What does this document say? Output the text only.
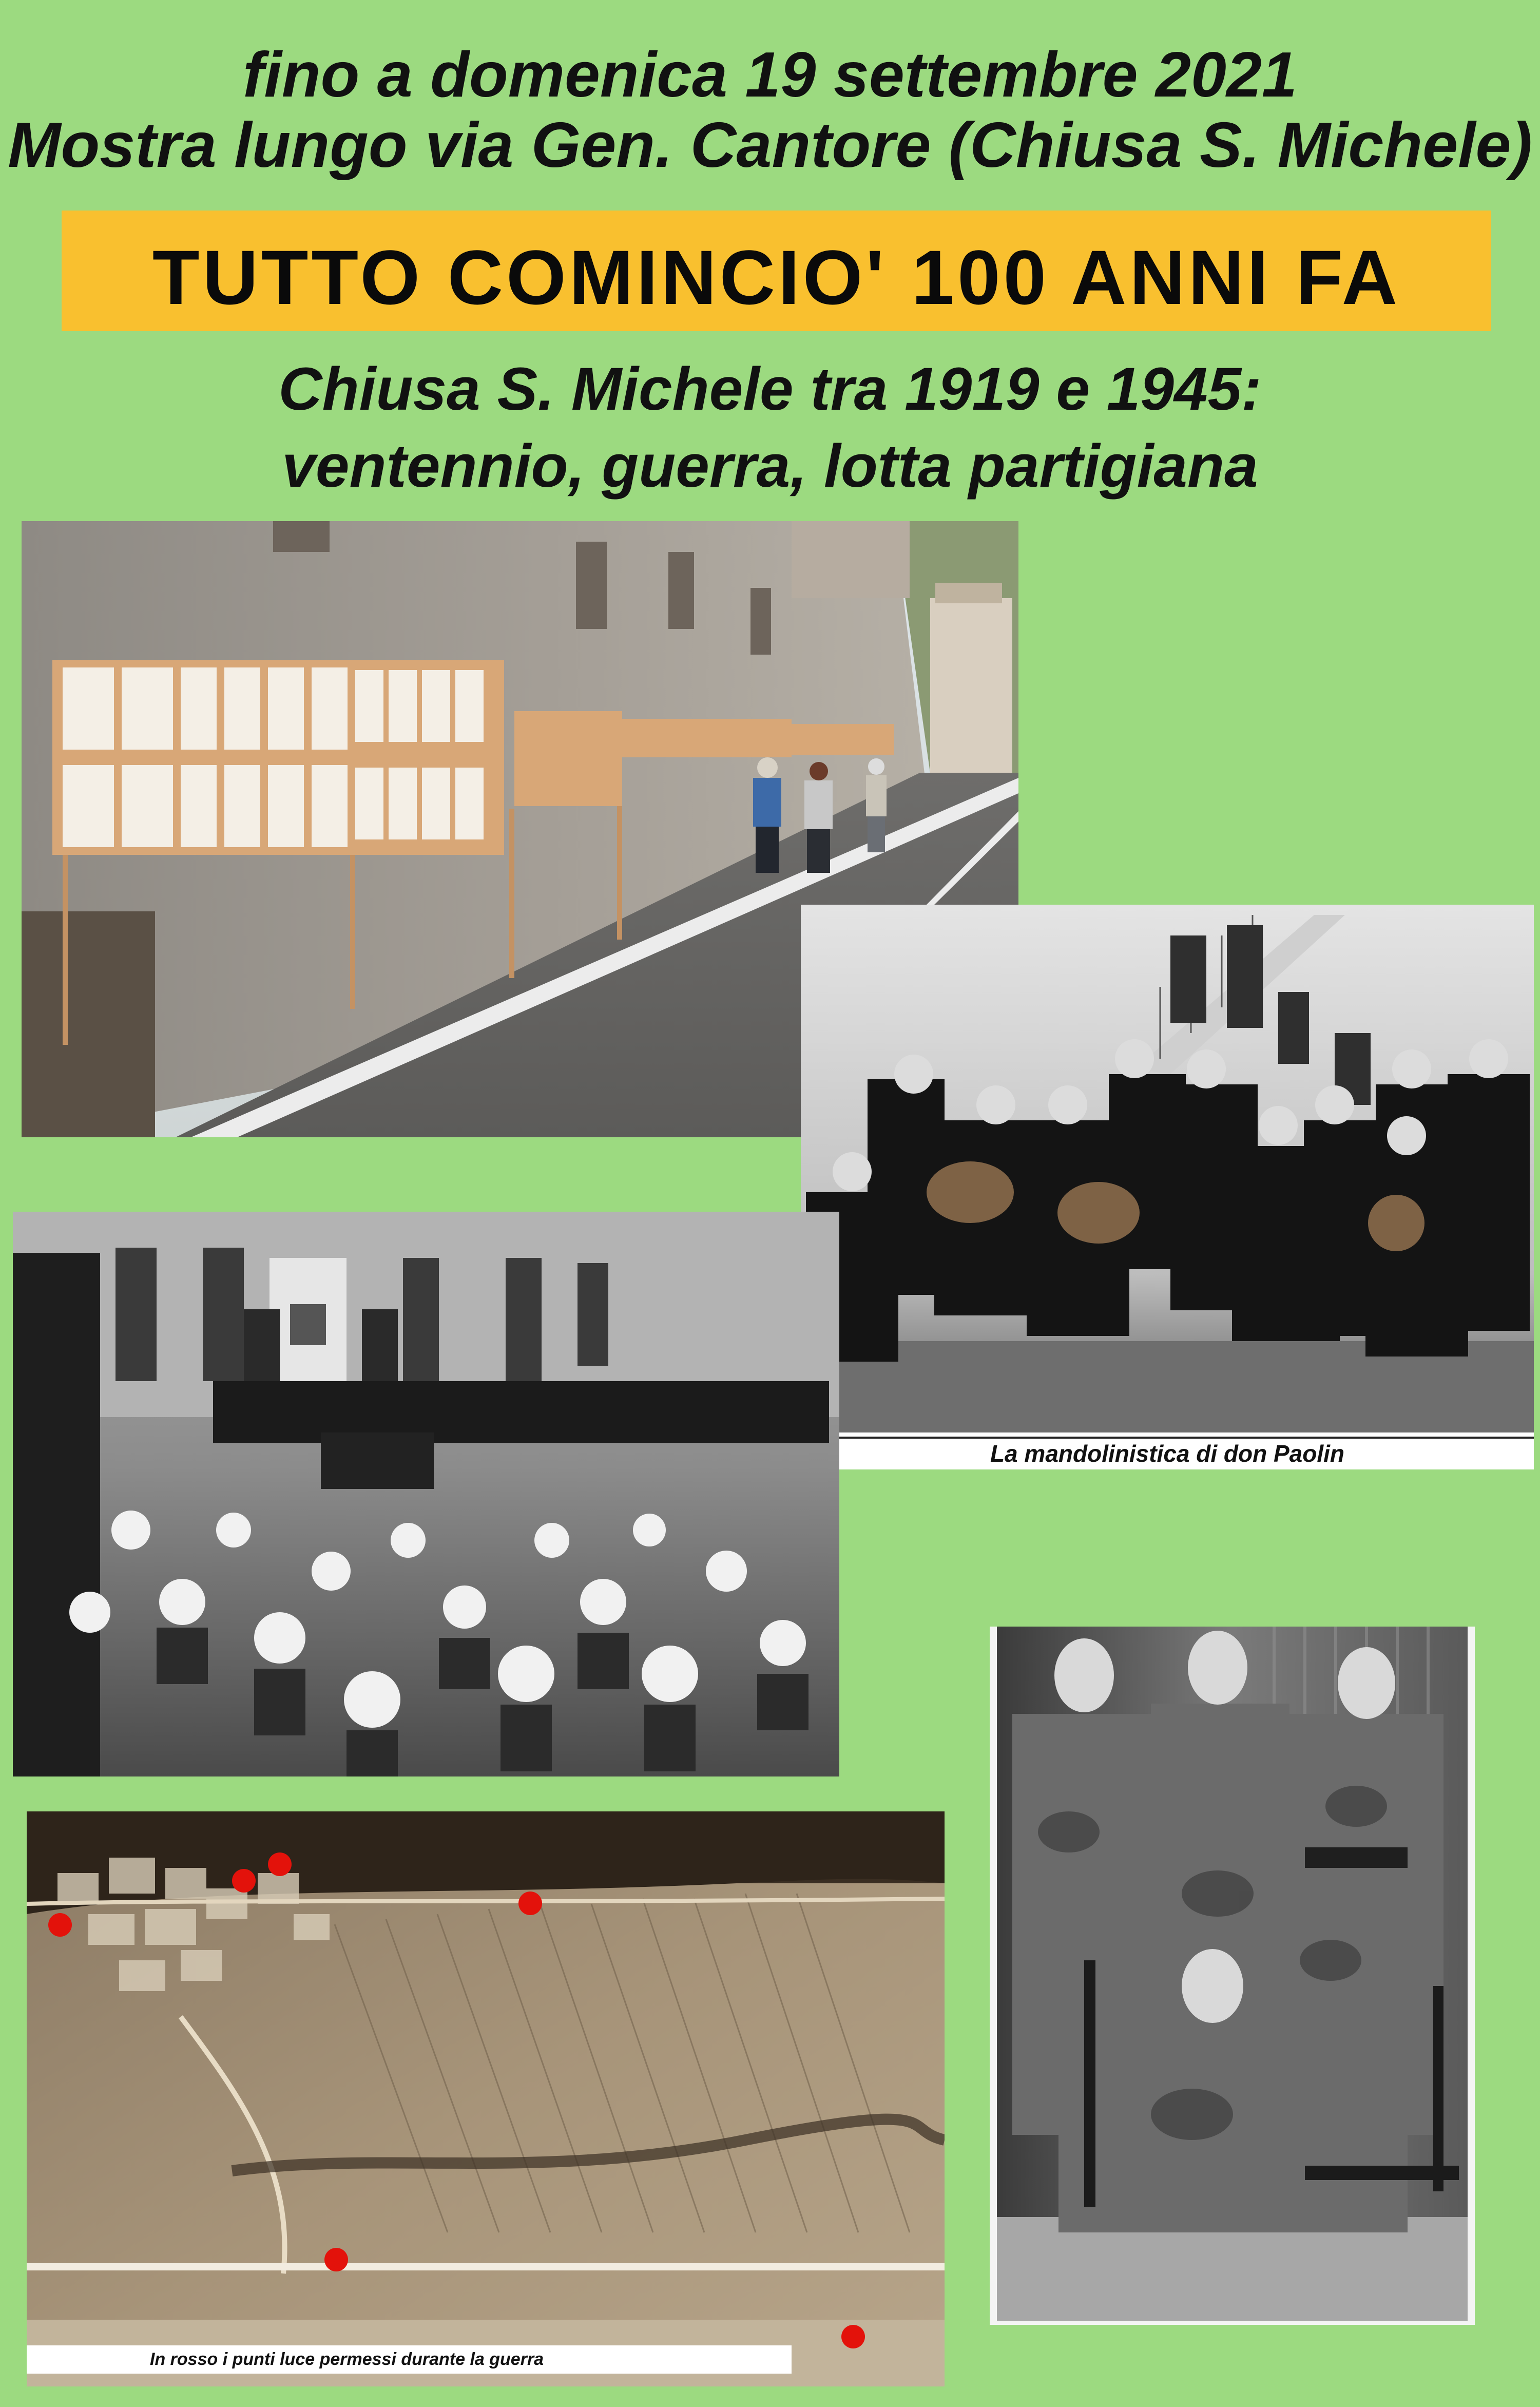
fino a domenica 19 settembre 2021
Mostra lungo via Gen. Cantore (Chiusa S. Michele)
TUTTO COMINCIO' 100 ANNI FA
Chiusa S. Michele tra 1919 e 1945:
ventennio, guerra, lotta partigiana
La mandolinistica di don Paolin
In rosso i punti luce permessi durante la guerra
